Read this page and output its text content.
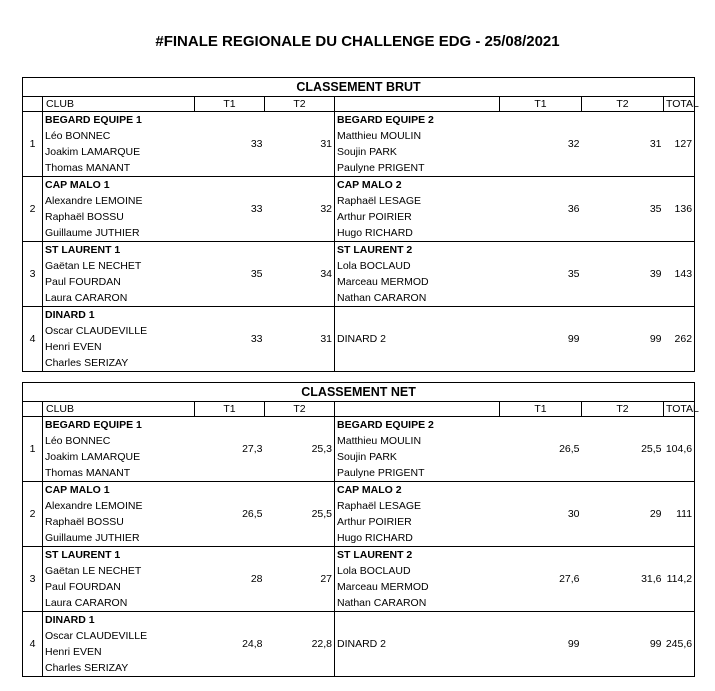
#FINALE REGIONALE DU CHALLENGE EDG - 25/08/2021
CLASSEMENT BRUT							
	CLUB	T1	T2		T1	T2	TOTAL
1	BEGARD EQUIPE 1
Léo BONNEC
Joakim LAMARQUE
Thomas MANANT	33	31	BEGARD EQUIPE 2
Matthieu MOULIN
Soujin PARK
Paulyne PRIGENT	32	31	127
2	CAP MALO 1
Alexandre LEMOINE
Raphaël BOSSU
Guillaume JUTHIER	33	32	CAP MALO 2
Raphaël LESAGE
Arthur POIRIER
Hugo RICHARD	36	35	136
3	ST LAURENT 1
Gaëtan LE NECHET
Paul FOURDAN
Laura CARARON	35	34	ST LAURENT 2
Lola BOCLAUD
Marceau MERMOD
Nathan CARARON	35	39	143
4	DINARD 1
Oscar CLAUDEVILLE
Henri EVEN
Charles SERIZAY	33	31	DINARD 2	99	99	262
CLASSEMENT NET							
	CLUB	T1	T2		T1	T2	TOTAL
1	BEGARD EQUIPE 1
Léo BONNEC
Joakim LAMARQUE
Thomas MANANT	27,3	25,3	BEGARD EQUIPE 2
Matthieu MOULIN
Soujin PARK
Paulyne PRIGENT	26,5	25,5	104,6
2	CAP MALO 1
Alexandre LEMOINE
Raphaël BOSSU
Guillaume JUTHIER	26,5	25,5	CAP MALO 2
Raphaël LESAGE
Arthur POIRIER
Hugo RICHARD	30	29	111
3	ST LAURENT 1
Gaëtan LE NECHET
Paul FOURDAN
Laura CARARON	28	27	ST LAURENT 2
Lola BOCLAUD
Marceau MERMOD
Nathan CARARON	27,6	31,6	114,2
4	DINARD 1
Oscar CLAUDEVILLE
Henri EVEN
Charles SERIZAY	24,8	22,8	DINARD 2	99	99	245,6
